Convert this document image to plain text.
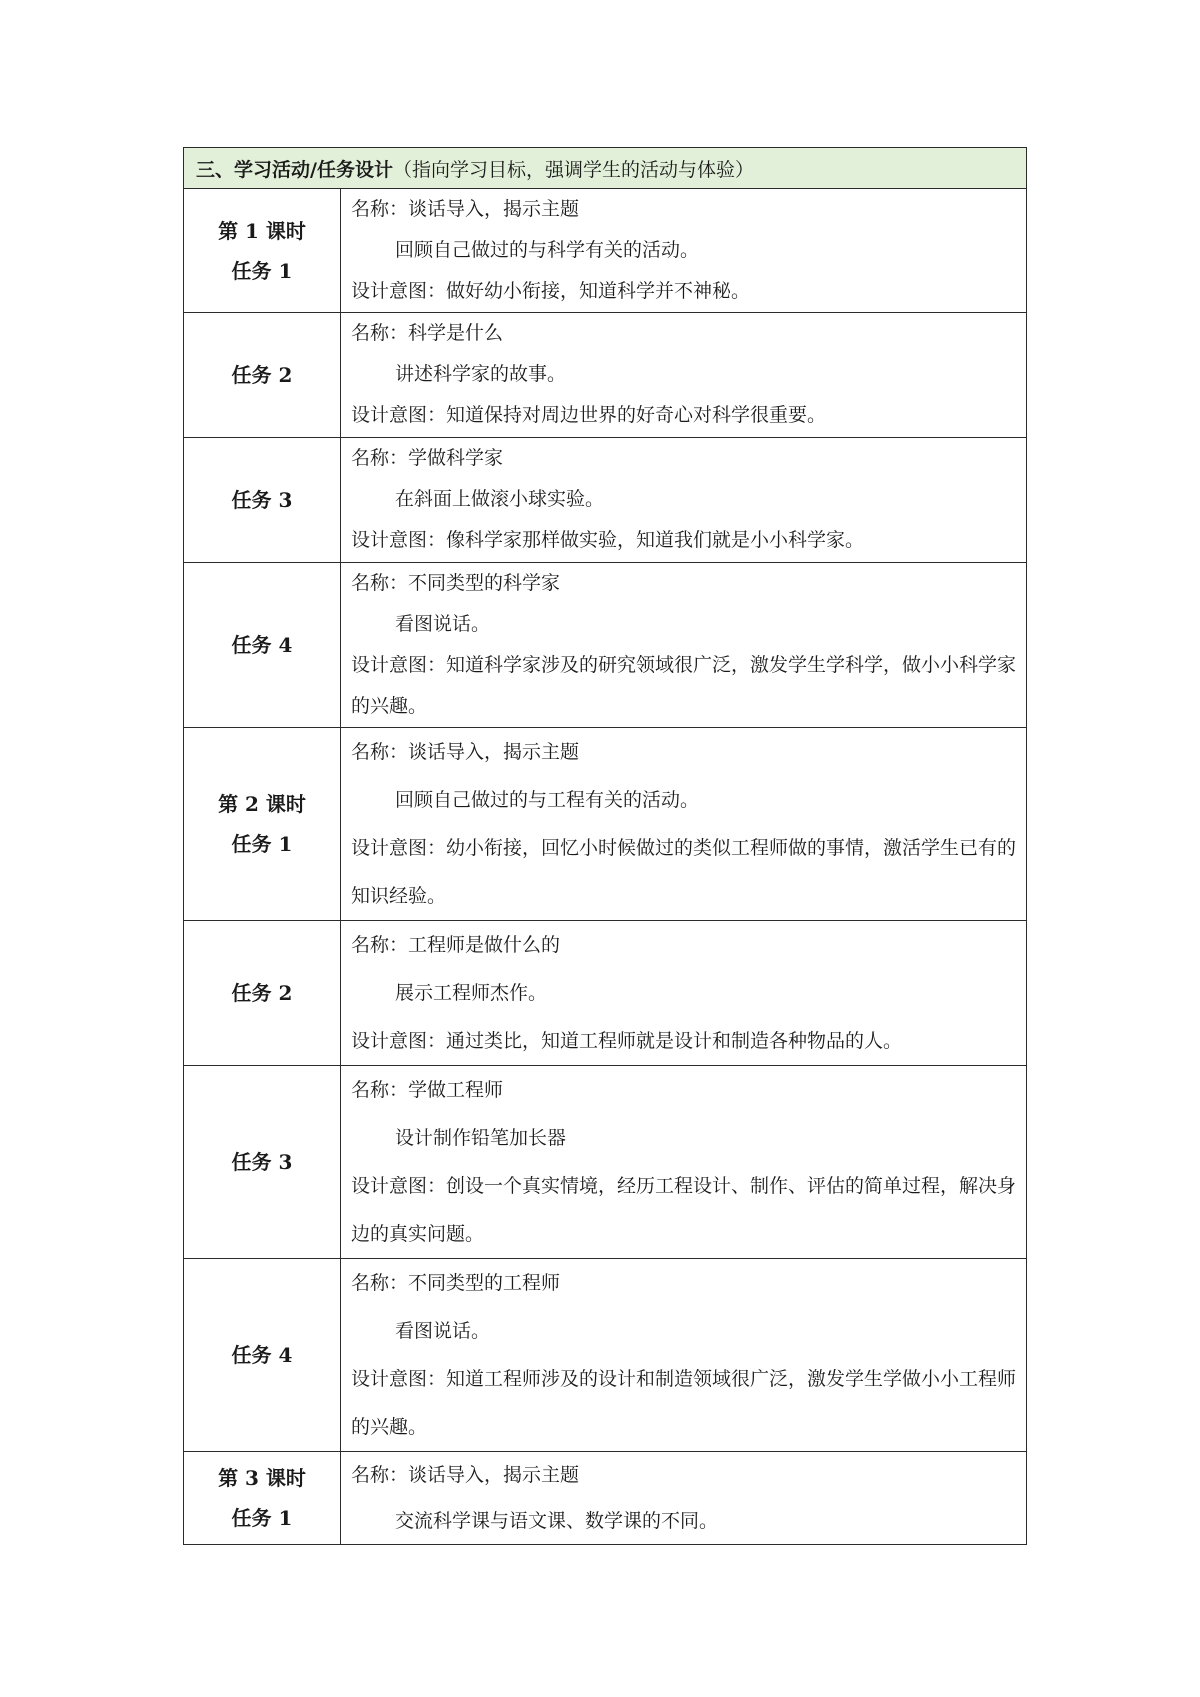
三、学习活动/任务设计（指向学习目标，强调学生的活动与体验）	

第 1 课时
任务 1	名称：谈话导入，揭示主题
回顾自己做过的与科学有关的活动。
设计意图：做好幼小衔接，知道科学并不神秘。

任务 2	名称：科学是什么
讲述科学家的故事。
设计意图：知道保持对周边世界的好奇心对科学很重要。

任务 3	名称：学做科学家
在斜面上做滚小球实验。
设计意图：像科学家那样做实验，知道我们就是小小科学家。

任务 4	名称：不同类型的科学家
看图说话。
设计意图：知道科学家涉及的研究领域很广泛，激发学生学科学，做小小科学家的兴趣。

第 2 课时
任务 1	名称：谈话导入，揭示主题
回顾自己做过的与工程有关的活动。
设计意图：幼小衔接，回忆小时候做过的类似工程师做的事情，激活学生已有的知识经验。

任务 2	名称：工程师是做什么的
展示工程师杰作。
设计意图：通过类比，知道工程师就是设计和制造各种物品的人。

任务 3	名称：学做工程师
设计制作铅笔加长器
设计意图：创设一个真实情境，经历工程设计、制作、评估的简单过程，解决身边的真实问题。

任务 4	名称：不同类型的工程师
看图说话。
设计意图：知道工程师涉及的设计和制造领域很广泛，激发学生学做小小工程师的兴趣。

第 3 课时
任务 1	名称：谈话导入，揭示主题
交流科学课与语文课、数学课的不同。
